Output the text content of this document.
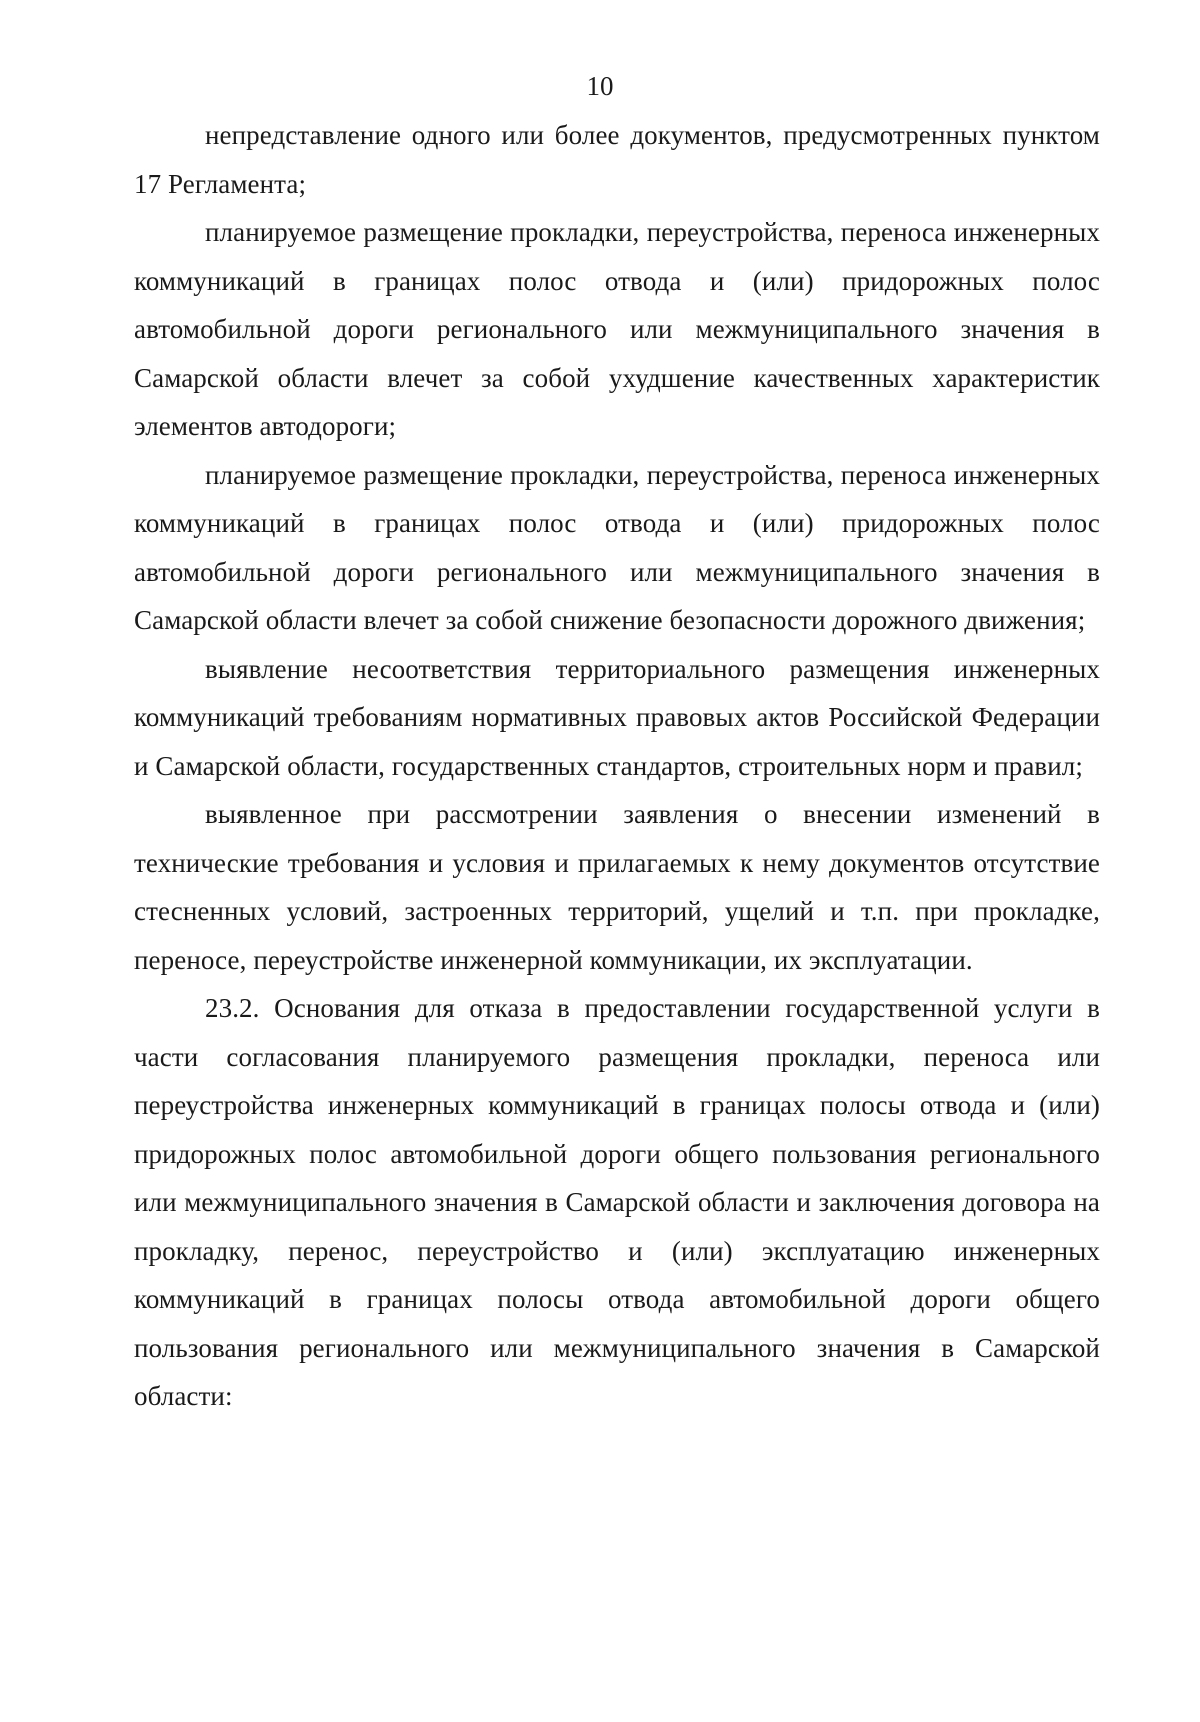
10

непредставление одного или более документов, предусмотренных пунктом 17 Регламента;

планируемое размещение прокладки, переустройства, переноса инженерных коммуникаций в границах полос отвода и (или) придорожных полос автомобильной дороги регионального или межмуниципального значения в Самарской области влечет за собой ухудшение качественных характеристик элементов автодороги;

планируемое размещение прокладки, переустройства, переноса инженерных коммуникаций в границах полос отвода и (или) придорожных полос автомобильной дороги регионального или межмуниципального значения в Самарской области влечет за собой снижение безопасности дорожного движения;

выявление несоответствия территориального размещения инженерных коммуникаций требованиям нормативных правовых актов Российской Федерации и Самарской области, государственных стандартов, строительных норм и правил;

выявленное при рассмотрении заявления о внесении изменений в технические требования и условия и прилагаемых к нему документов отсутствие стесненных условий, застроенных территорий, ущелий и т.п. при прокладке, переносе, переустройстве инженерной коммуникации, их эксплуатации.

23.2. Основания для отказа в предоставлении государственной услуги в части согласования планируемого размещения прокладки, переноса или переустройства инженерных коммуникаций в границах полосы отвода и (или) придорожных полос автомобильной дороги общего пользования регионального или межмуниципального значения в Самарской области и заключения договора на прокладку, перенос, переустройство и (или) эксплуатацию инженерных коммуникаций в границах полосы отвода автомобильной дороги общего пользования регионального или межмуниципального значения в Самарской области:
